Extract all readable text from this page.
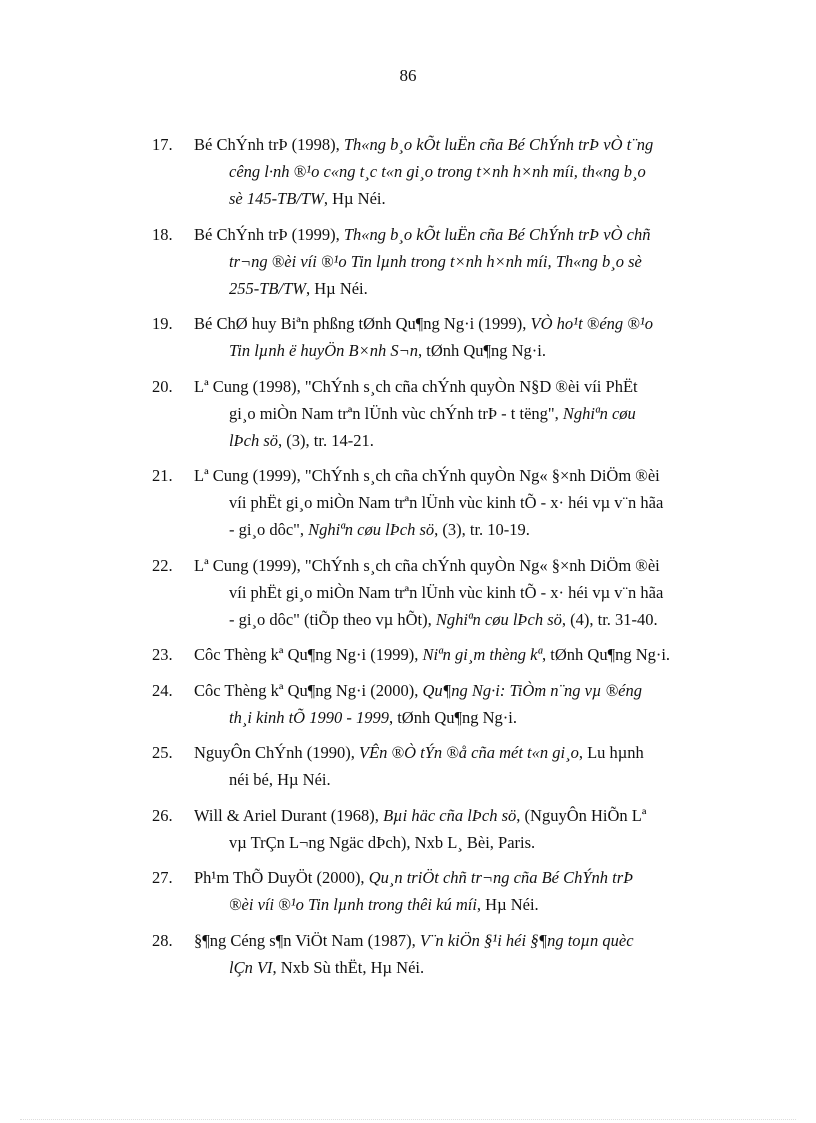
86
17. Bé ChÝnh trÞ (1998), Th«ng b¸o kÕt luËn cña Bé ChÝnh trÞ vÒ t¨ng
cêng l·nh ®¹o c«ng t¸c t«n gi¸o trong t×nh h×nh míi, th«ng b¸o
sè 145-TB/TW, Hµ Néi.
18. Bé ChÝnh trÞ (1999), Th«ng b¸o kÕt luËn cña Bé ChÝnh trÞ vÒ chñ
tr¬ng ®èi víi ®¹o Tin lµnh trong t×nh h×nh míi, Th«ng b¸o sè
255-TB/TW, Hµ Néi.
19. Bé ChØ huy Biªn phßng tØnh Qu¶ng Ng·i (1999), VÒ ho¹t ®éng ®¹o
Tin lµnh ë huyÖn B×nh S¬n, tØnh Qu¶ng Ng·i.
20. Lª Cung (1998), "ChÝnh s¸ch cña chÝnh quyÒn N§D ®èi víi PhËt
gi¸o miÒn Nam trªn lÜnh vùc chÝnh trÞ - t tëng", Nghiªn cøu
lÞch sö, (3), tr. 14-21.
21. Lª Cung (1999), "ChÝnh s¸ch cña chÝnh quyÒn Ng« §×nh DiÖm ®èi
víi phËt gi¸o miÒn Nam trªn lÜnh vùc kinh tÕ - x· héi vµ v¨n hãa
- gi¸o dôc", Nghiªn cøu lÞch sö, (3), tr. 10-19.
22. Lª Cung (1999), "ChÝnh s¸ch cña chÝnh quyÒn Ng« §×nh DiÖm ®èi
víi phËt gi¸o miÒn Nam trªn lÜnh vùc kinh tÕ - x· héi vµ v¨n hãa
- gi¸o dôc" (tiÕp theo vµ hÕt), Nghiªn cøu lÞch sö, (4), tr. 31-40.
23. Côc Thèng kª Qu¶ng Ng·i (1999), Niªn gi¸m thèng kª, tØnh Qu¶ng Ng·i.
24. Côc Thèng kª Qu¶ng Ng·i (2000), Qu¶ng Ng·i: TiÒm n¨ng vµ ®éng
th¸i kinh tÕ 1990 - 1999, tØnh Qu¶ng Ng·i.
25. NguyÔn ChÝnh (1990), VÊn ®Ò tÝn ®å cña mét t«n gi¸o, Lu hµnh
néi bé, Hµ Néi.
26. Will & Ariel Durant (1968), Bµi häc cña lÞch sö, (NguyÔn HiÕn Lª
vµ TrÇn L¬ng Ngäc dÞch), Nxb L¸ Bèi, Paris.
27. Ph¹m ThÕ DuyÖt (2000), Qu¸n triÖt chñ tr¬ng cña Bé ChÝnh trÞ
®èi víi ®¹o Tin lµnh trong thêi kú míi, Hµ Néi.
28. §¶ng Céng s¶n ViÖt Nam (1987), V¨n kiÖn §¹i héi §¶ng toµn quèc
lÇn VI, Nxb Sù thËt, Hµ Néi.
